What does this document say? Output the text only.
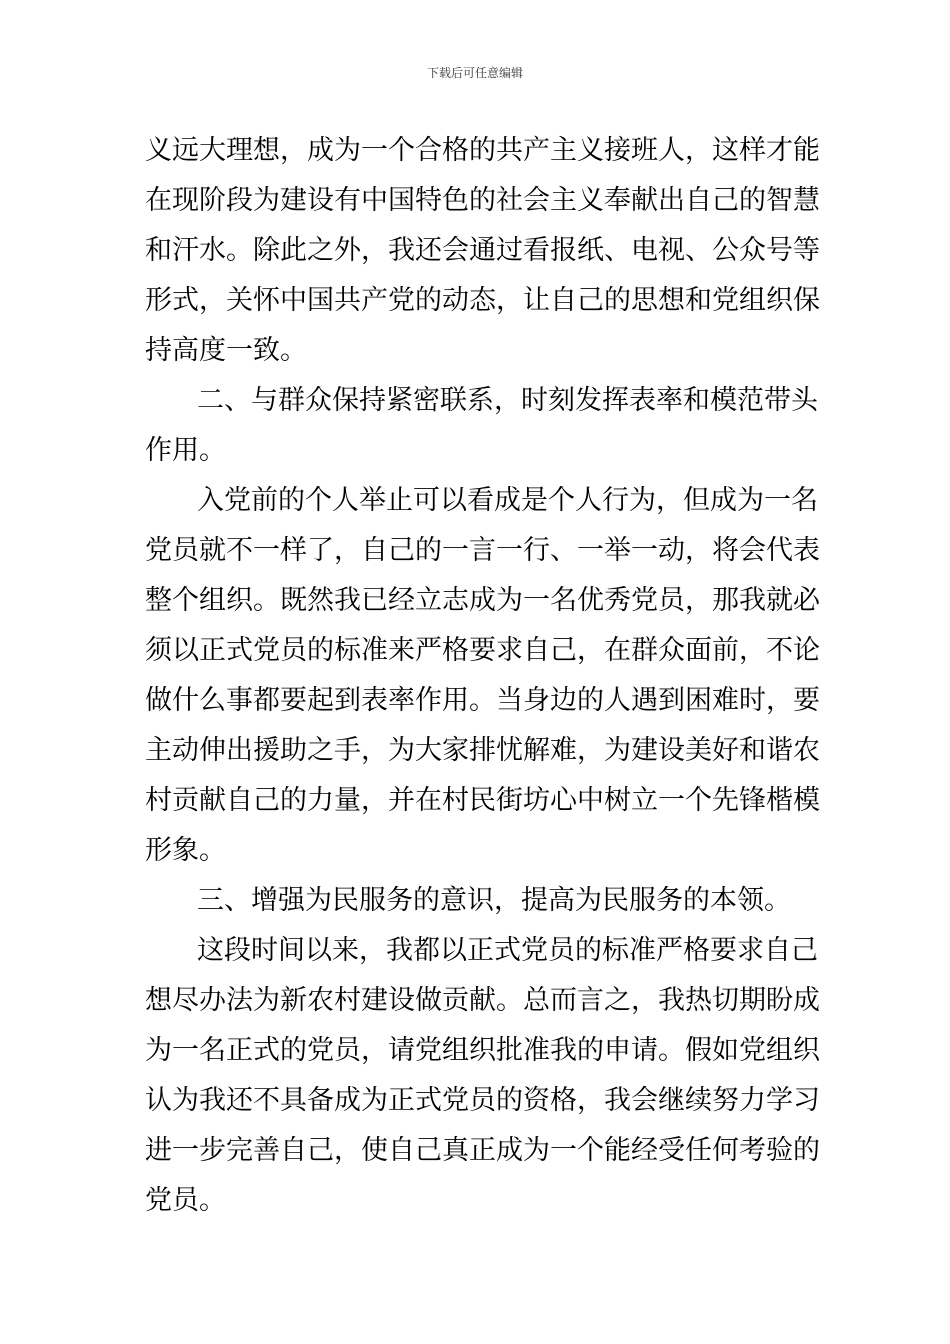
下载后可任意编辑
义远大理想，成为一个合格的共产主义接班人，这样才能
在现阶段为建设有中国特色的社会主义奉献出自己的智慧
和汗水。除此之外，我还会通过看报纸、电视、公众号等
形式，关怀中国共产党的动态，让自己的思想和党组织保
持高度一致。
二、与群众保持紧密联系，时刻发挥表率和模范带头
作用。
入党前的个人举止可以看成是个人行为，但成为一名
党员就不一样了，自己的一言一行、一举一动，将会代表
整个组织。既然我已经立志成为一名优秀党员，那我就必
须以正式党员的标准来严格要求自己，在群众面前，不论
做什么事都要起到表率作用。当身边的人遇到困难时，要
主动伸出援助之手，为大家排忧解难，为建设美好和谐农
村贡献自己的力量，并在村民街坊心中树立一个先锋楷模
形象。
三、增强为民服务的意识，提高为民服务的本领。
这段时间以来，我都以正式党员的标准严格要求自己
想尽办法为新农村建设做贡献。总而言之，我热切期盼成
为一名正式的党员，请党组织批准我的申请。假如党组织
认为我还不具备成为正式党员的资格，我会继续努力学习
进一步完善自己，使自己真正成为一个能经受任何考验的
党员。
